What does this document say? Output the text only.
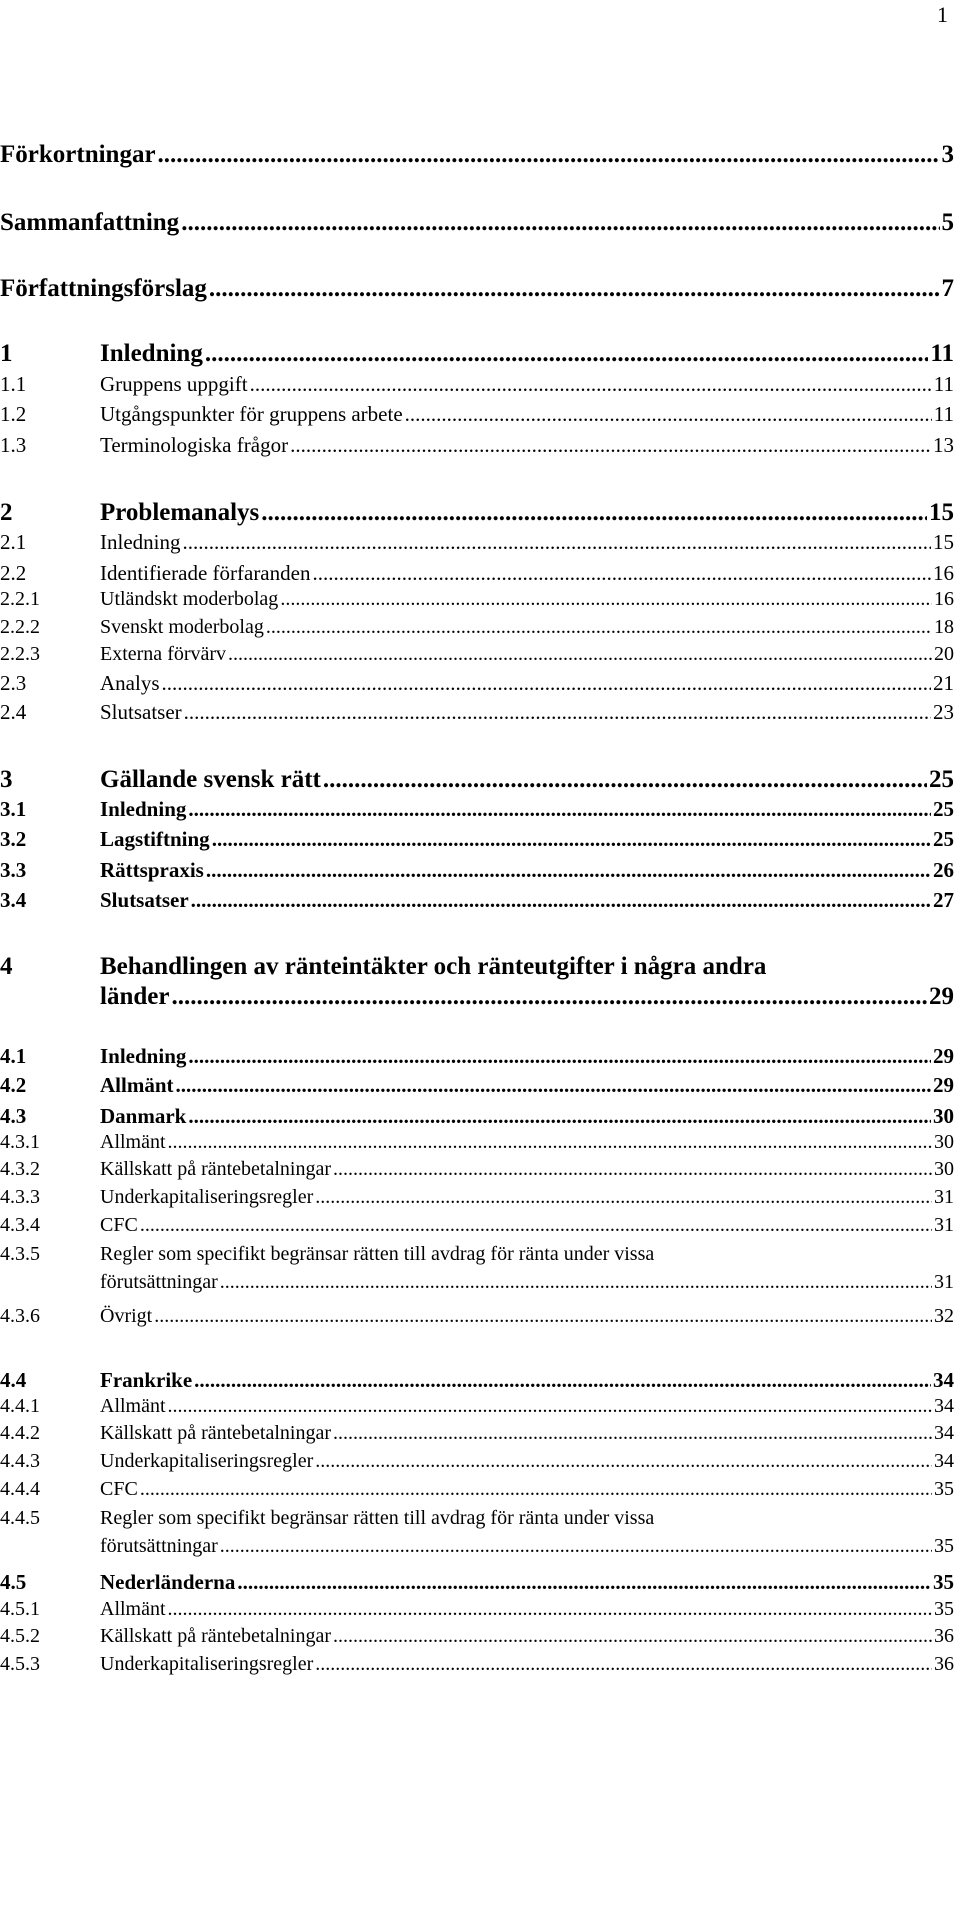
1
Förkortningar .....	3
Sammanfattning .....	5
Författningsförslag .....	7
1	Inledning .....	11
1.1	Gruppens uppgift .....	11
1.2	Utgångspunkter för gruppens arbete .....	11
1.3	Terminologiska frågor .....	13
2	Problemanalys .....	15
2.1	Inledning .....	15
2.2	Identifierade förfaranden .....	16
2.2.1	Utländskt moderbolag .....	16
2.2.2	Svenskt moderbolag .....	18
2.2.3	Externa förvärv .....	20
2.3	Analys .....	21
2.4	Slutsatser .....	23
3	Gällande svensk rätt .....	25
3.1	Inledning .....	25
3.2	Lagstiftning .....	25
3.3	Rättspraxis .....	26
3.4	Slutsatser .....	27
4	Behandlingen av ränteintäkter och ränteutgifter i några andra
länder .....	29
4.1	Inledning .....	29
4.2	Allmänt .....	29
4.3	Danmark .....	30
4.3.1	Allmänt .....	30
4.3.2	Källskatt på räntebetalningar .....	30
4.3.3	Underkapitaliseringsregler .....	31
4.3.4	CFC .....	31
4.3.5	Regler som specifikt begränsar rätten till avdrag för ränta under vissa
förutsättningar .....	31
4.3.6	Övrigt .....	32
4.4	Frankrike .....	34
4.4.1	Allmänt .....	34
4.4.2	Källskatt på räntebetalningar .....	34
4.4.3	Underkapitaliseringsregler .....	34
4.4.4	CFC .....	35
4.4.5	Regler som specifikt begränsar rätten till avdrag för ränta under vissa
förutsättningar .....	35
4.5	Nederländerna .....	35
4.5.1	Allmänt .....	35
4.5.2	Källskatt på räntebetalningar .....	36
4.5.3	Underkapitaliseringsregler .....	36
